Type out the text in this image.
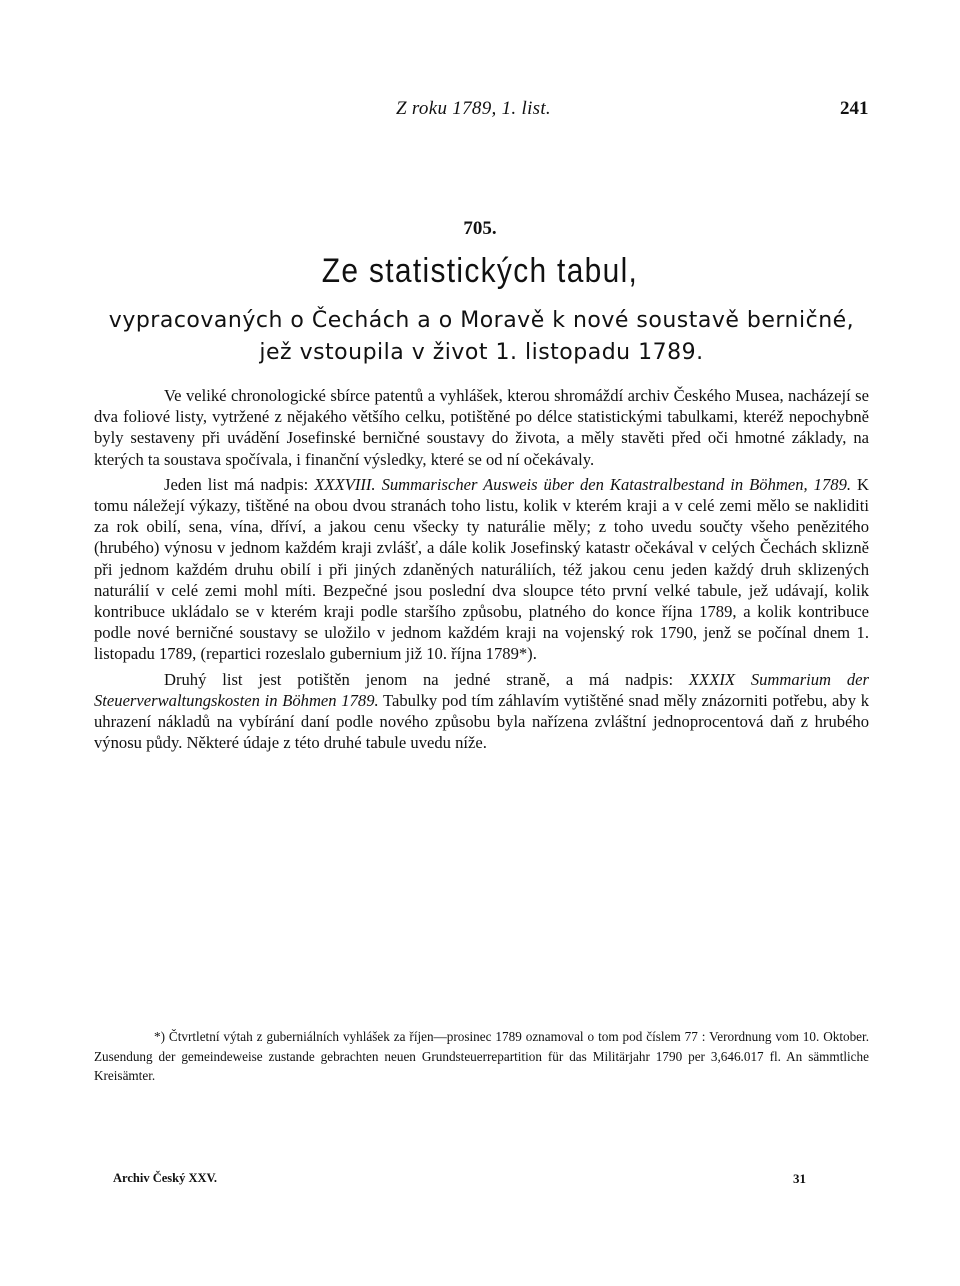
Z roku 1789, 1. list.	241
705.
Ze statistických tabul,
vypracovaných o Čechách a o Moravě k nové soustavě berničné,
jež vstoupila v život 1. listopadu 1789.

Ve veliké chronologické sbírce patentů a vyhlášek, kterou shromáždí archiv Českého Musea, nacházejí se dva foliové listy, vytržené z nějakého většího celku, potištěné po délce statistickými tabulkami, kteréž nepochybně byly sestaveny při uvádění Josefinské berničné soustavy do života, a měly stavěti před oči hmotné základy, na kterých ta soustava spočívala, i finanční výsledky, které se od ní očekávaly.

Jeden list má nadpis: XXXVIII. Summarischer Ausweis über den Katastralbestand in Böhmen, 1789. K tomu náležejí výkazy, tištěné na obou dvou stranách toho listu, kolik v kterém kraji a v celé zemi mělo se nakliditi za rok obilí, sena, vína, dříví, a jakou cenu všecky ty naturálie měly; z toho uvedu součty všeho penězitého (hrubého) výnosu v jednom každém kraji zvlášť, a dále kolik Josefinský katastr očekával v celých Čechách sklizně při jednom každém druhu obilí i při jiných zdaněných naturáliích, též jakou cenu jeden každý druh sklizených naturálií v celé zemi mohl míti. Bezpečné jsou poslední dva sloupce této první velké tabule, jež udávají, kolik kontribuce ukládalo se v kterém kraji podle staršího způsobu, platného do konce října 1789, a kolik kontribuce podle nové berničné soustavy se uložilo v jednom každém kraji na vojenský rok 1790, jenž se počínal dnem 1. listopadu 1789, (repartici rozeslalo gubernium již 10. října 1789*).

Druhý list jest potištěn jenom na jedné straně, a má nadpis: XXXIX Summarium der Steuerverwaltungskosten in Böhmen 1789. Tabulky pod tím záhlavím vytištěné snad měly znázorniti potřebu, aby k uhrazení nákladů na vybírání daní podle nového způsobu byla nařízena zvláštní jednoprocentová daň z hrubého výnosu půdy. Některé údaje z této druhé tabule uvedu níže.

*) Čtvrtletní výtah z guberniálních vyhlášek za říjen—prosinec 1789 oznamoval o tom pod číslem 77 : Verordnung vom 10. Oktober. Zusendung der gemeindeweise zustande gebrachten neuen Grundsteuerrepartition für das Militärjahr 1790 per 3,646.017 fl. An sämmtliche Kreisämter.

Archiv Český XXV.	31
